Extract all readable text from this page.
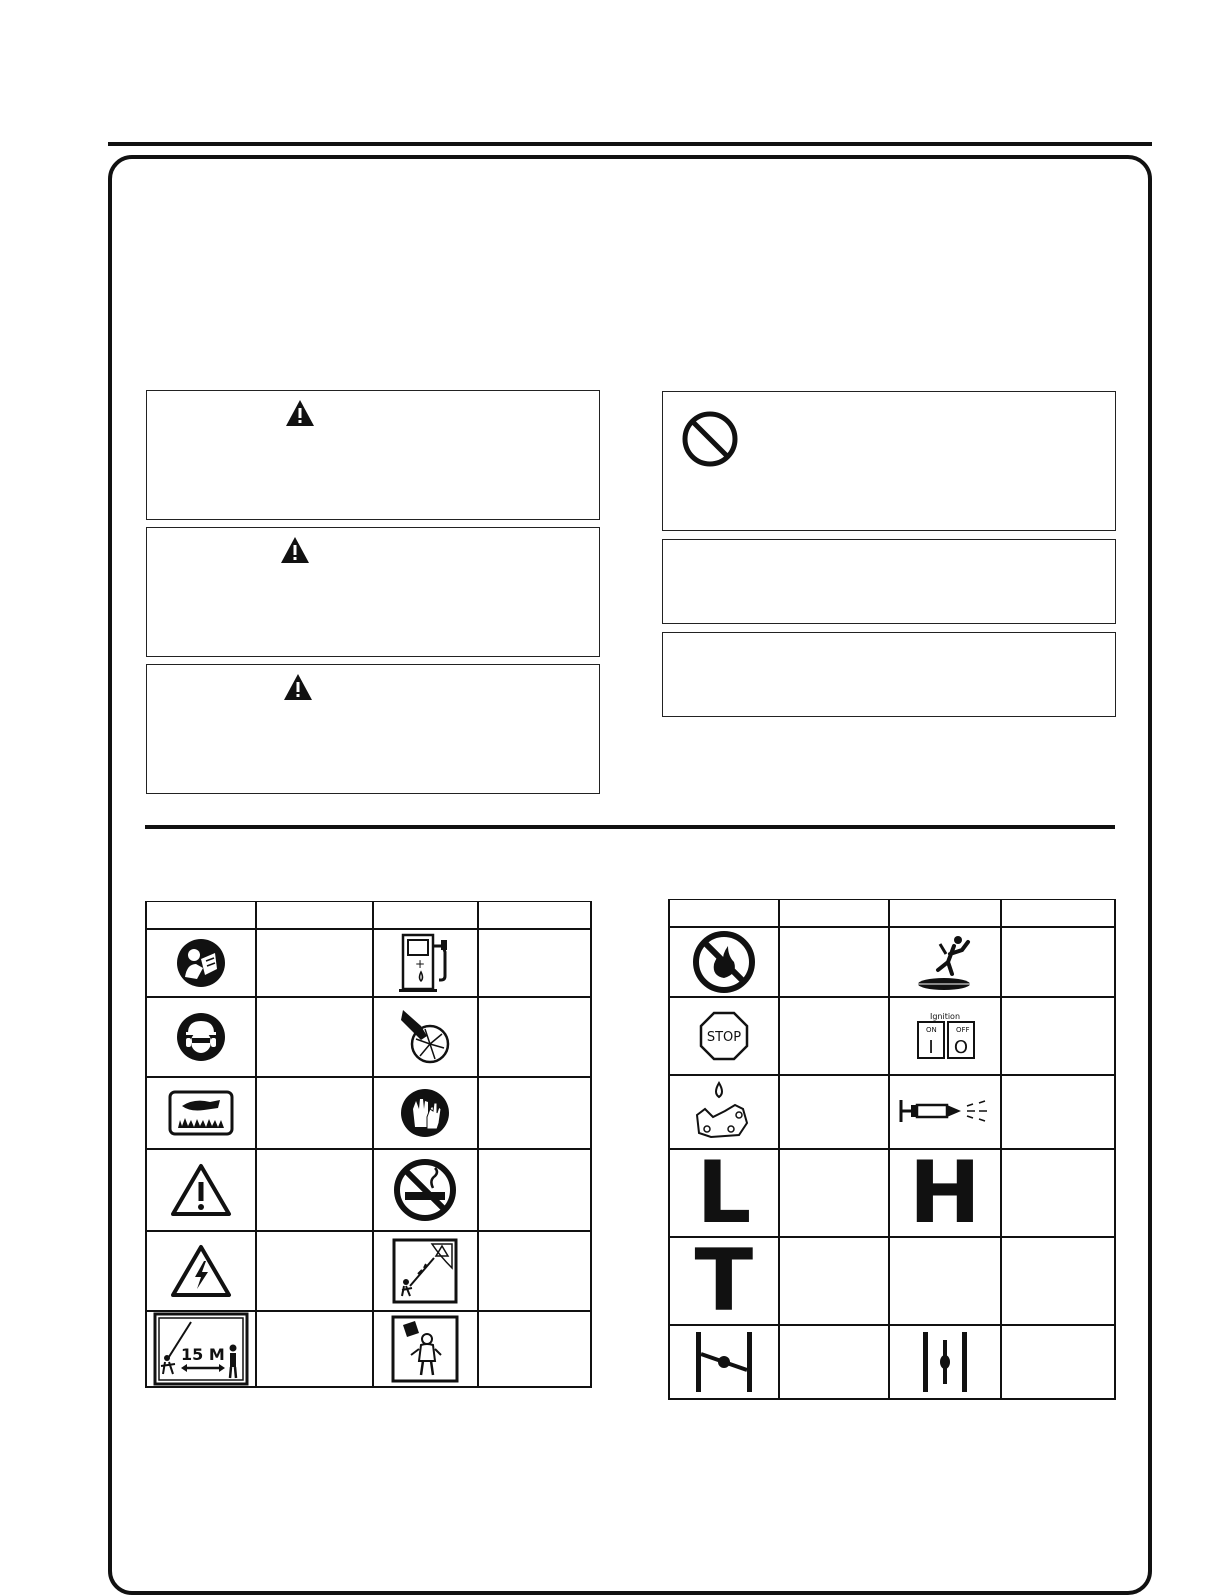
+	

15 M

STOP		Ignition
ON OFF
I O	

L		H	
T			
